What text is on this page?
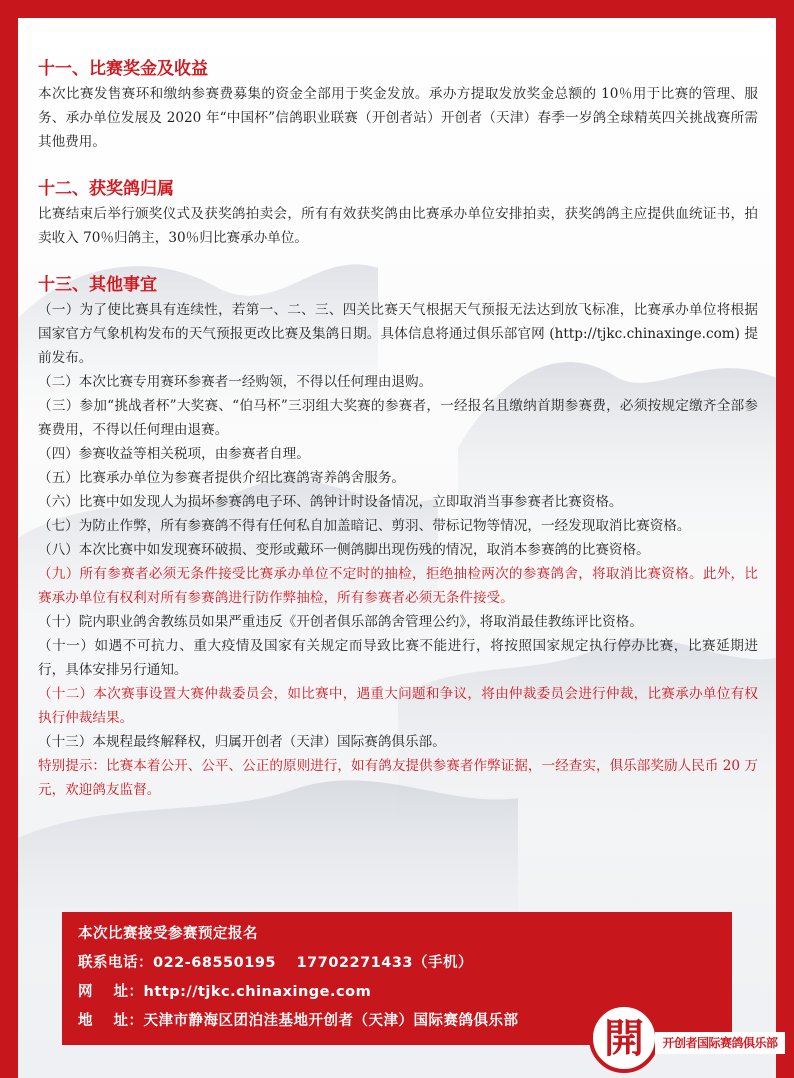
十一、比赛奖金及收益
本次比赛发售赛环和缴纳参赛费募集的资金全部用于奖金发放。承办方提取发放奖金总额的 10％用于比赛的管理、服务、承办单位发展及 2020 年“中国杯”信鸽职业联赛（开创者站）开创者（天津）春季一岁鸽全球精英四关挑战赛所需其他费用。
十二、获奖鸽归属
比赛结束后举行颁奖仪式及获奖鸽拍卖会，所有有效获奖鸽由比赛承办单位安排拍卖，获奖鸽鸽主应提供血统证书，拍卖收入 70％归鸽主，30％归比赛承办单位。
十三、其他事宜
（一）为了使比赛具有连续性，若第一、二、三、四关比赛天气根据天气预报无法达到放飞标准，比赛承办单位将根据国家官方气象机构发布的天气预报更改比赛及集鸽日期。具体信息将通过俱乐部官网 (http://tjkc.chinaxinge.com) 提前发布。
（二）本次比赛专用赛环参赛者一经购领，不得以任何理由退购。
（三）参加“挑战者杯”大奖赛、“伯马杯”三羽组大奖赛的参赛者，一经报名且缴纳首期参赛费，必须按规定缴齐全部参赛费用，不得以任何理由退赛。
（四）参赛收益等相关税项，由参赛者自理。
（五）比赛承办单位为参赛者提供介绍比赛鸽寄养鸽舍服务。
（六）比赛中如发现人为损坏参赛鸽电子环、鸽钟计时设备情况，立即取消当事参赛者比赛资格。
（七）为防止作弊，所有参赛鸽不得有任何私自加盖暗记、剪羽、带标记物等情况，一经发现取消比赛资格。
（八）本次比赛中如发现赛环破损、变形或戴环一侧鸽脚出现伤残的情况，取消本参赛鸽的比赛资格。
（九）所有参赛者必须无条件接受比赛承办单位不定时的抽检，拒绝抽检两次的参赛鸽舍，将取消比赛资格。此外，比赛承办单位有权利对所有参赛鸽进行防作弊抽检，所有参赛者必须无条件接受。
（十）院内职业鸽舍教练员如果严重违反《开创者俱乐部鸽舍管理公约》，将取消最佳教练评比资格。
（十一）如遇不可抗力、重大疫情及国家有关规定而导致比赛不能进行，将按照国家规定执行停办比赛，比赛延期进行，具体安排另行通知。
（十二）本次赛事设置大赛仲裁委员会，如比赛中，遇重大问题和争议，将由仲裁委员会进行仲裁，比赛承办单位有权执行仲裁结果。
（十三）本规程最终解释权，归属开创者（天津）国际赛鸽俱乐部。
特别提示：比赛本着公开、公平、公正的原则进行，如有鸽友提供参赛者作弊证据，一经查实，俱乐部奖励人民币 20 万元，欢迎鸽友监督。
本次比赛接受参赛预定报名
联系电话：022-68550195　 17702271433（手机）
网　 址：http://tjkc.chinaxinge.com
地　 址：天津市静海区团泊洼基地开创者（天津）国际赛鸽俱乐部	開	开创者国际赛鸽俱乐部
